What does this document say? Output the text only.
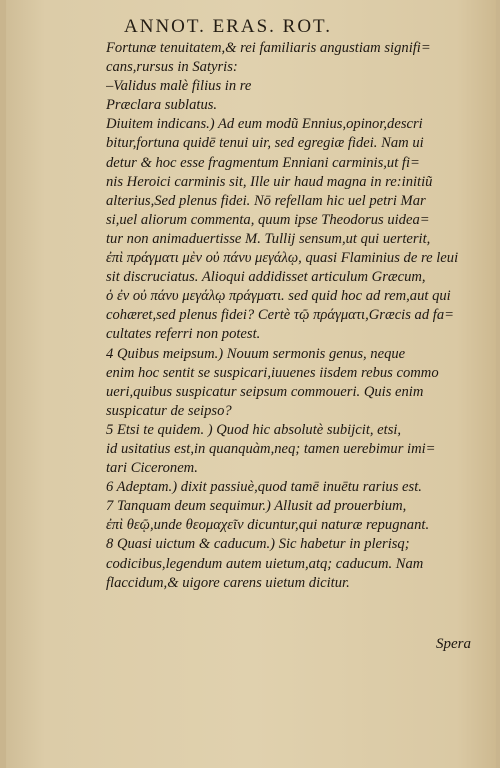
ANNOT. ERAS. ROT.
Fortunæ tenuitatem,& rei familiaris angustiam signifi=
cans,rursus in Satyris:
–Validus malè filius in re
Præclara sublatus.
Diuitem indicans.) Ad eum modũ Ennius,opinor,descri
bitur,fortuna quidē tenui uir, sed egregiæ fidei. Nam ui
detur & hoc esse fragmentum Enniani carminis,ut fi=
nis Heroici carminis sit, Ille uir haud magna in re:initiũ
alterius,Sed plenus fidei. Nō refellam hic uel petri Mar
si,uel aliorum commenta, quum ipse Theodorus uidea=
tur non animaduertisse M. Tullij sensum,ut qui uerterit,
ἐπὶ πράγματι μὲν οὐ πάνυ μεγάλῳ, quasi Flaminius de re leui
sit discruciatus. Alioqui addidisset articulum Græcum,
ὁ ἐν οὐ πάνυ μεγάλῳ πράγματι. sed quid hoc ad rem,aut qui
cohæret,sed plenus fidei? Certè τῷ πράγματι,Græcis ad fa=
cultates referri non potest.
4 Quibus meipsum.) Nouum sermonis genus, neque
enim hoc sentit se suspicari,iuuenes iisdem rebus commo
ueri,quibus suspicatur seipsum commoueri. Quis enim
suspicatur de seipso?
5 Etsi te quidem. ) Quod hic absolutè subijcit, etsi,
id usitatius est,in quanquàm,neq; tamen uerebimur imi=
tari Ciceronem.
6 Adeptam.) dixit passiuè,quod tamē inuētu rarius est.
7 Tanquam deum sequimur.) Allusit ad prouerbium,
ἐπὶ θεῷ,unde θεομαχεῖν dicuntur,qui naturæ repugnant.
8 Quasi uictum & caducum.) Sic habetur in plerisq;
codicibus,legendum autem uietum,atq; caducum. Nam
flaccidum,& uigore carens uietum dicitur.
Spera
